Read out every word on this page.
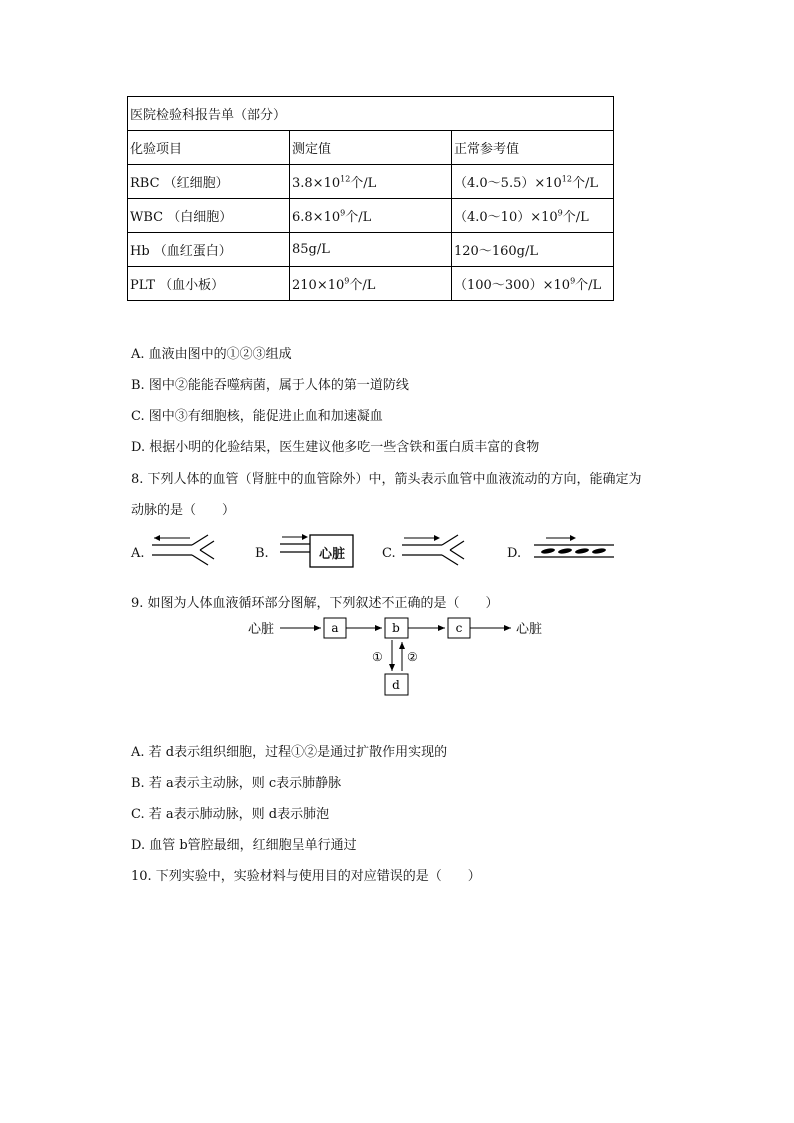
医院检验科报告单（部分）		
化验项目	测定值	正常参考值
RBC （红细胞）	$3.8\times 10^{12}$个/L	$(4.0\sim 5.5)\times 10^{12}$个/L
WBC （白细胞）	$6.8\times 10^9$个/L	$(4.0\sim 10)\times 10^9$个/L
Hb （血红蛋白）	85g/L	120～160g/L
PLT （血小板）	$210\times 10^9$个/L	$(100\sim 300)\times 10^9$个/L
A. 血液由图中的①②③组成
B. 图中②能能吞噬病菌，属于人体的第一道防线
C. 图中③有细胞核，能促进止血和加速凝血
D. 根据小明的化验结果，医生建议他多吃一些含铁和蛋白质丰富的食物
8. 下列人体的血管（肾脏中的血管除外）中，箭头表示血管中血液流动的方向，能确定为
动脉的是（　　）
A.	B.	心脏	C.	D.
9. 如图为人体血液循环部分图解，下列叙述不正确的是（　　）
心脏	a	b	c	心脏
① ②
d
A. 若 d表示组织细胞，过程①②是通过扩散作用实现的
B. 若 a表示主动脉，则 c表示肺静脉
C. 若 a表示肺动脉，则 d表示肺泡
D. 血管 b管腔最细，红细胞呈单行通过
10. 下列实验中，实验材料与使用目的对应错误的是（　　）
